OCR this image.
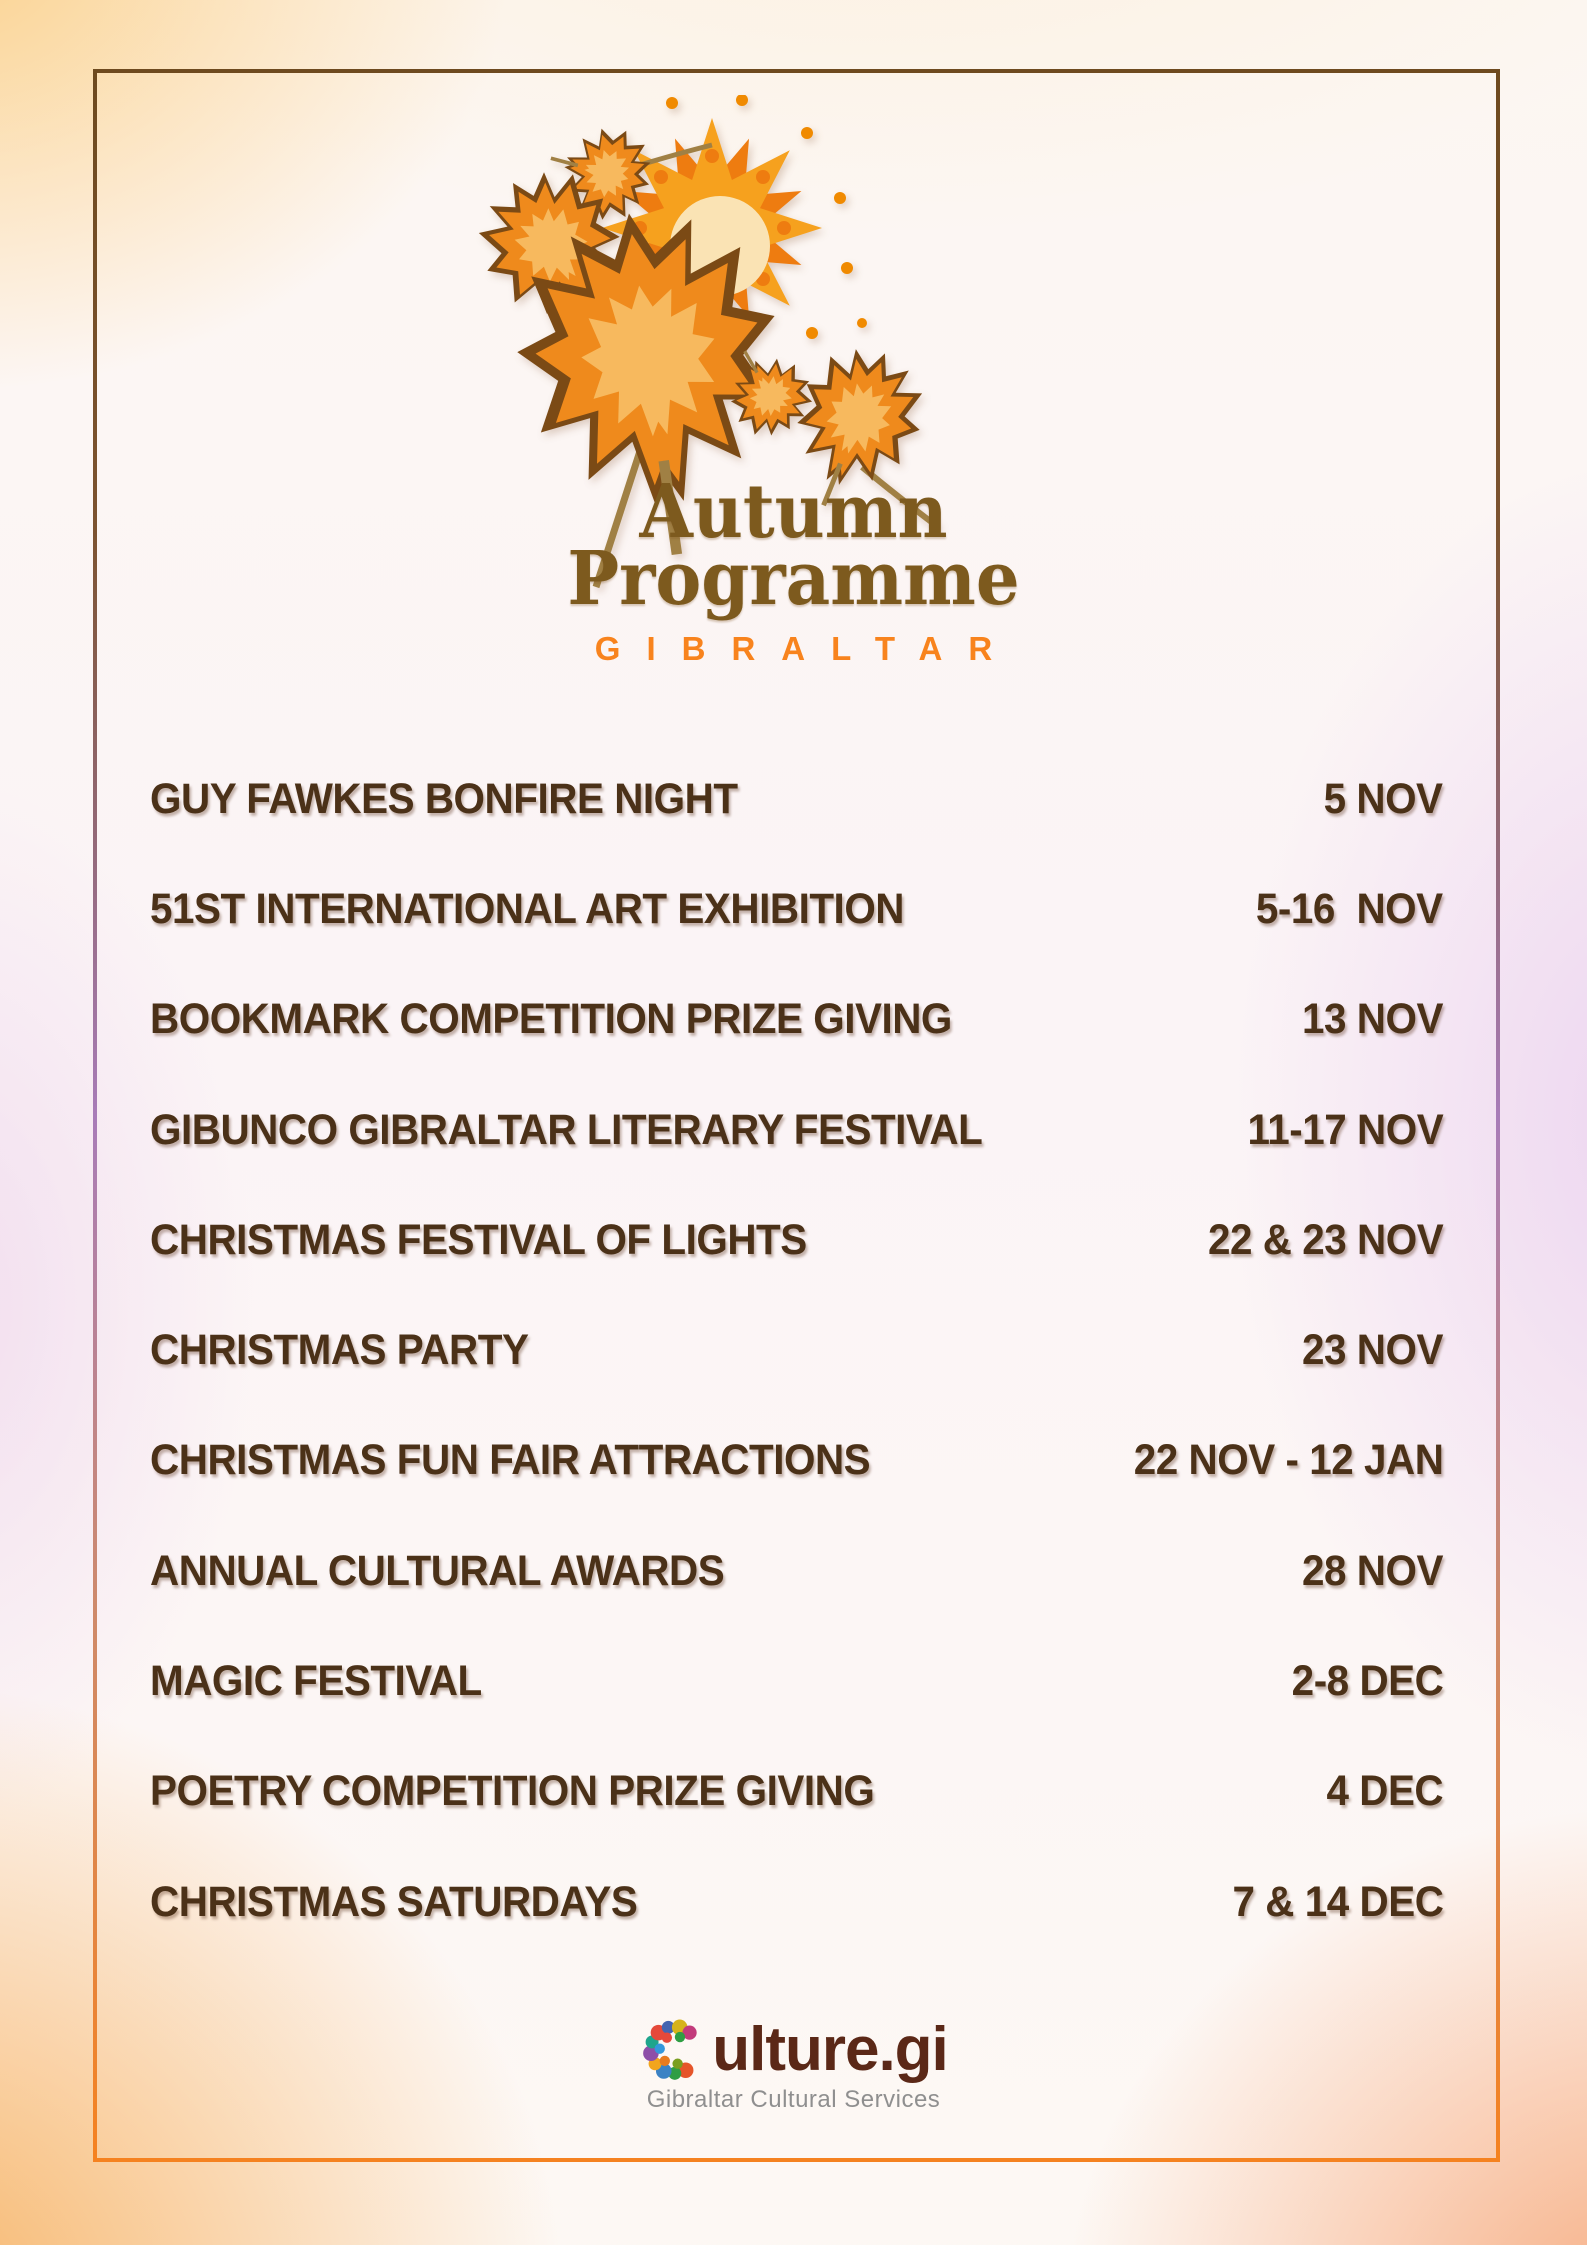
Autumn
Programme
GIBRALTAR
GUY FAWKES BONFIRE NIGHT	5 NOV
51ST INTERNATIONAL ART EXHIBITION	5-16  NOV
BOOKMARK COMPETITION PRIZE GIVING	13 NOV
GIBUNCO GIBRALTAR LITERARY FESTIVAL	11-17 NOV
CHRISTMAS FESTIVAL OF LIGHTS	22 & 23 NOV
CHRISTMAS PARTY	23 NOV
CHRISTMAS FUN FAIR ATTRACTIONS	22 NOV - 12 JAN
ANNUAL CULTURAL AWARDS	28 NOV
MAGIC FESTIVAL	2-8 DEC
POETRY COMPETITION PRIZE GIVING	4 DEC
CHRISTMAS SATURDAYS	7 & 14 DEC
ulture.gi
Gibraltar Cultural Services
